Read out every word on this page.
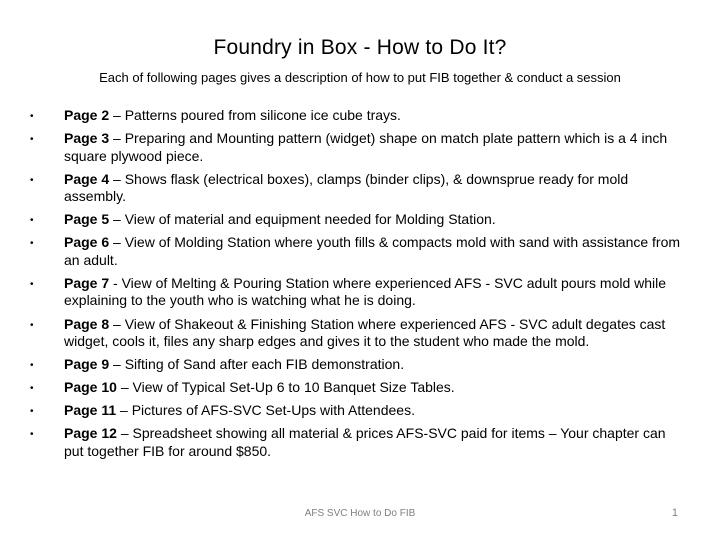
Foundry in Box - How to Do It?
Each of following pages gives a description of how to put FIB together & conduct a session
• Page 2 – Patterns poured from silicone ice cube trays.
• Page 3 – Preparing and Mounting pattern (widget) shape on match plate pattern which is a 4 inch square plywood piece.
• Page 4 – Shows flask (electrical boxes), clamps (binder clips), & downsprue ready for mold assembly.
• Page 5 – View of material and equipment needed for Molding Station.
• Page 6 – View of Molding Station where youth fills & compacts mold with sand with assistance from an adult.
• Page 7 - View of Melting & Pouring Station where experienced AFS - SVC adult pours mold while explaining to the youth who is watching what he is doing.
• Page 8 – View of Shakeout & Finishing Station where experienced AFS - SVC adult degates cast widget, cools it, files any sharp edges and gives it to the student who made the mold.
• Page 9 – Sifting of Sand after each FIB demonstration.
• Page 10 – View of Typical Set-Up 6 to 10 Banquet Size Tables.
• Page 11 – Pictures of AFS-SVC Set-Ups with Attendees.
• Page 12 – Spreadsheet showing all material & prices AFS-SVC paid for items – Your chapter can put together FIB for around $850.
AFS SVC How to Do FIB	1
